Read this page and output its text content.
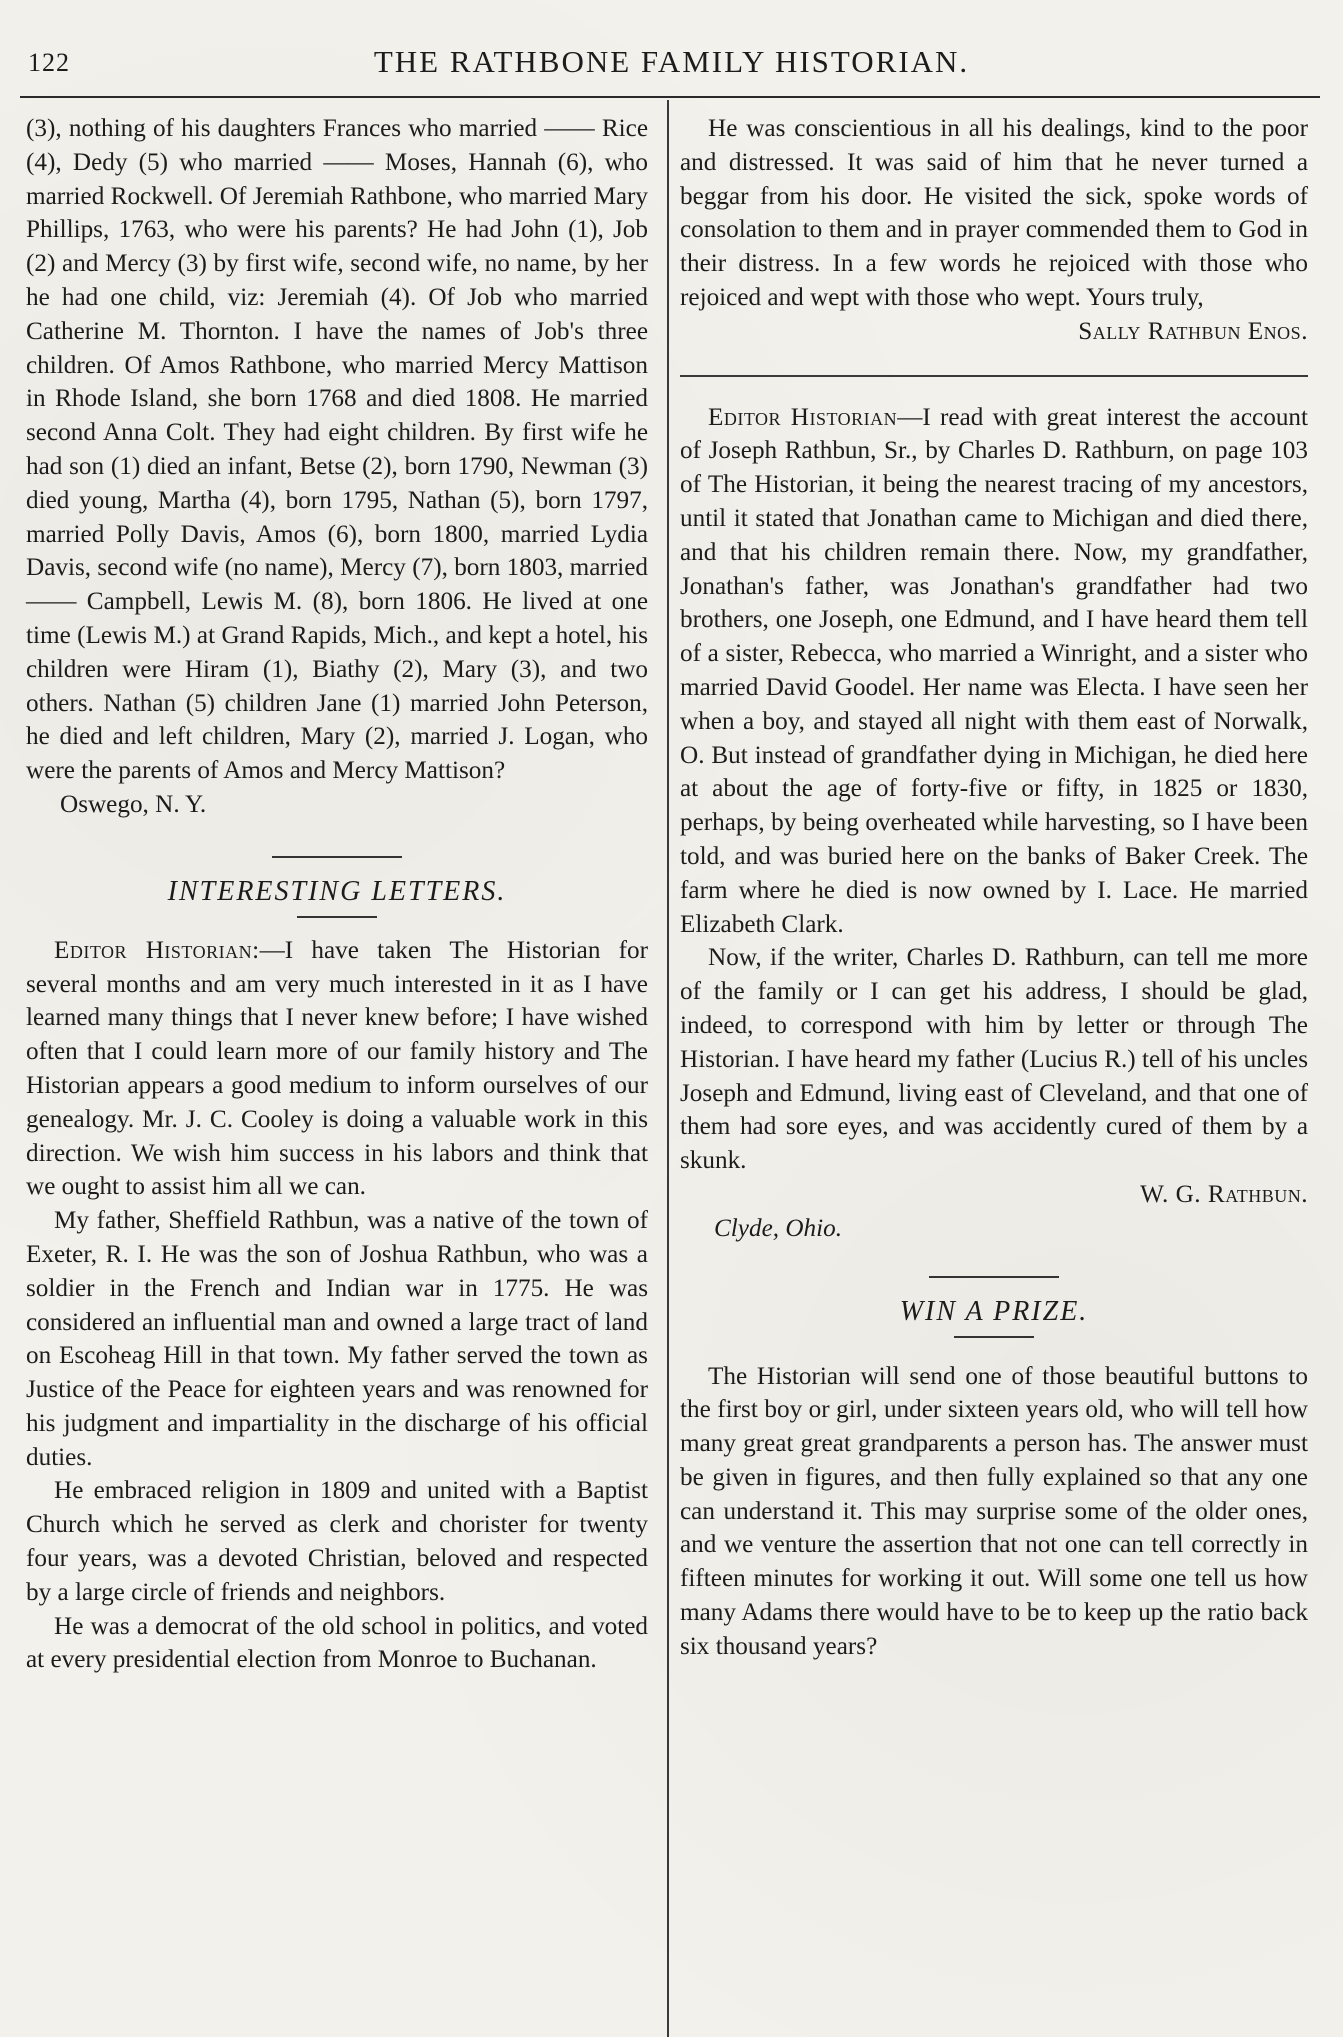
122	THE RATHBONE FAMILY HISTORIAN.

(3), nothing of his daughters Frances who married —— Rice (4), Dedy (5) who married —— Moses, Hannah (6), who married Rockwell. Of Jeremiah Rathbone, who married Mary Phillips, 1763, who were his parents? He had John (1), Job (2) and Mercy (3) by first wife, second wife, no name, by her he had one child, viz: Jeremiah (4). Of Job who married Catherine M. Thornton. I have the names of Job's three children. Of Amos Rathbone, who married Mercy Mattison in Rhode Island, she born 1768 and died 1808. He married second Anna Colt. They had eight children. By first wife he had son (1) died an infant, Betse (2), born 1790, Newman (3) died young, Martha (4), born 1795, Nathan (5), born 1797, married Polly Davis, Amos (6), born 1800, married Lydia Davis, second wife (no name), Mercy (7), born 1803, married —— Campbell, Lewis M. (8), born 1806. He lived at one time (Lewis M.) at Grand Rapids, Mich., and kept a hotel, his children were Hiram (1), Biathy (2), Mary (3), and two others. Nathan (5) children Jane (1) married John Peterson, he died and left children, Mary (2), married J. Logan, who were the parents of Amos and Mercy Mattison?

Oswego, N. Y.

INTERESTING LETTERS.

Editor Historian:—I have taken The Historian for several months and am very much interested in it as I have learned many things that I never knew before; I have wished often that I could learn more of our family history and The Historian appears a good medium to inform ourselves of our genealogy. Mr. J. C. Cooley is doing a valuable work in this direction. We wish him success in his labors and think that we ought to assist him all we can.

My father, Sheffield Rathbun, was a native of the town of Exeter, R. I. He was the son of Joshua Rathbun, who was a soldier in the French and Indian war in 1775. He was considered an influential man and owned a large tract of land on Escoheag Hill in that town. My father served the town as Justice of the Peace for eighteen years and was renowned for his judgment and impartiality in the discharge of his official duties.

He embraced religion in 1809 and united with a Baptist Church which he served as clerk and chorister for twenty four years, was a devoted Christian, beloved and respected by a large circle of friends and neighbors.

He was a democrat of the old school in politics, and voted at every presidential election from Monroe to Buchanan.

He was conscientious in all his dealings, kind to the poor and distressed. It was said of him that he never turned a beggar from his door. He visited the sick, spoke words of consolation to them and in prayer commended them to God in their distress. In a few words he rejoiced with those who rejoiced and wept with those who wept. Yours truly,

Sally Rathbun Enos.

Editor Historian—I read with great interest the account of Joseph Rathbun, Sr., by Charles D. Rathburn, on page 103 of The Historian, it being the nearest tracing of my ancestors, until it stated that Jonathan came to Michigan and died there, and that his children remain there. Now, my grandfather, Jonathan's father, was Jonathan's grandfather had two brothers, one Joseph, one Edmund, and I have heard them tell of a sister, Rebecca, who married a Winright, and a sister who married David Goodel. Her name was Electa. I have seen her when a boy, and stayed all night with them east of Norwalk, O. But instead of grandfather dying in Michigan, he died here at about the age of forty-five or fifty, in 1825 or 1830, perhaps, by being overheated while harvesting, so I have been told, and was buried here on the banks of Baker Creek. The farm where he died is now owned by I. Lace. He married Elizabeth Clark.

Now, if the writer, Charles D. Rathburn, can tell me more of the family or I can get his address, I should be glad, indeed, to correspond with him by letter or through The Historian. I have heard my father (Lucius R.) tell of his uncles Joseph and Edmund, living east of Cleveland, and that one of them had sore eyes, and was accidently cured of them by a skunk.

W. G. Rathbun.

Clyde, Ohio.

WIN A PRIZE.

The Historian will send one of those beautiful buttons to the first boy or girl, under sixteen years old, who will tell how many great great grandparents a person has. The answer must be given in figures, and then fully explained so that any one can understand it. This may surprise some of the older ones, and we venture the assertion that not one can tell correctly in fifteen minutes for working it out. Will some one tell us how many Adams there would have to be to keep up the ratio back six thousand years?
